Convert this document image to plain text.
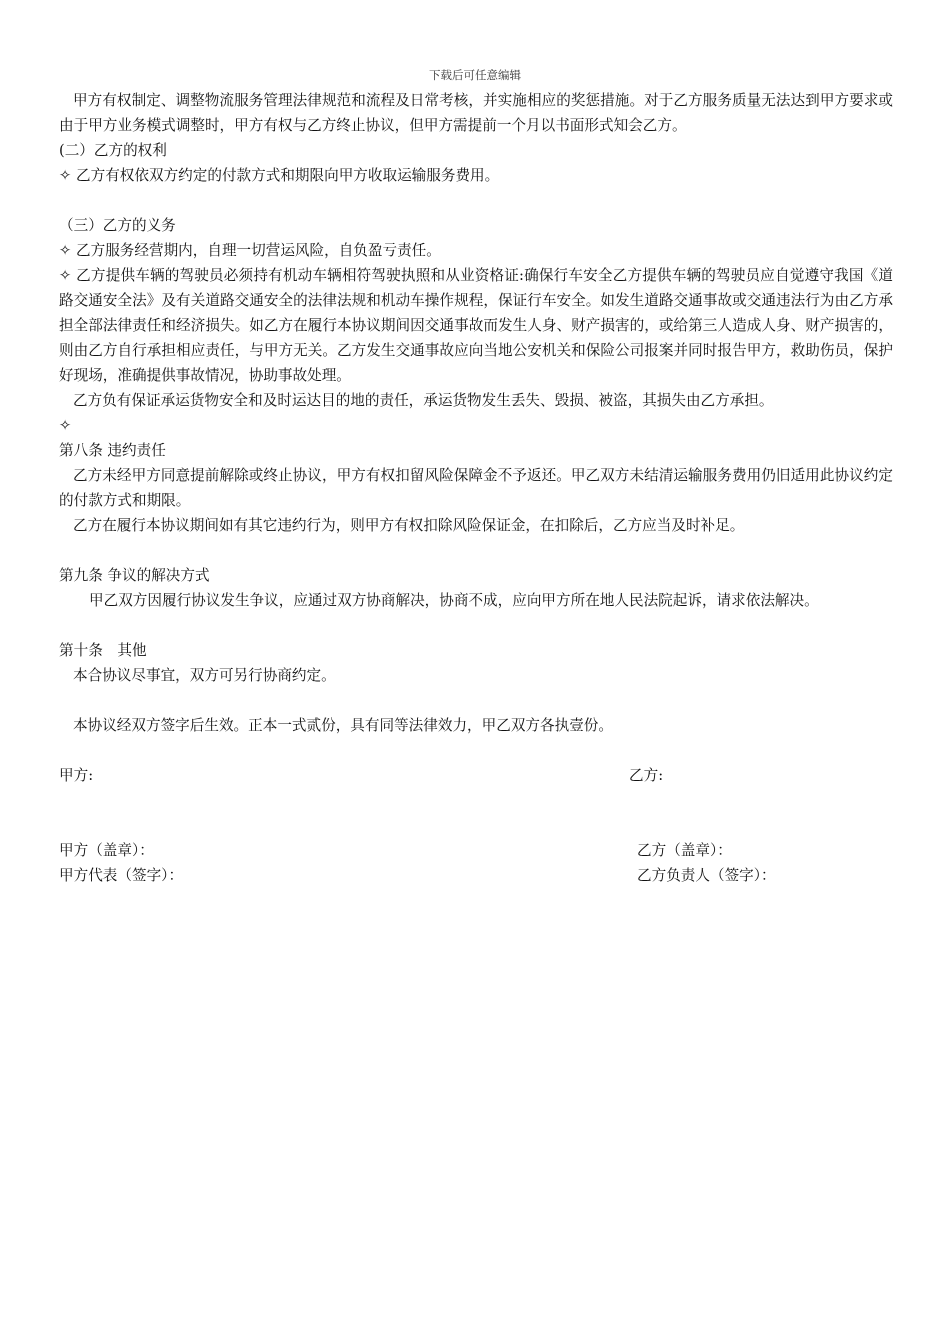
下载后可任意编辑

甲方有权制定、调整物流服务管理法律规范和流程及日常考核，并实施相应的奖惩措施。对于乙方服务质量无法达到甲方要求或由于甲方业务模式调整时，甲方有权与乙方终止协议，但甲方需提前一个月以书面形式知会乙方。

(二）乙方的权利

✧ 乙方有权依双方约定的付款方式和期限向甲方收取运输服务费用。

（三）乙方的义务

✧ 乙方服务经营期内，自理一切营运风险，自负盈亏责任。

✧ 乙方提供车辆的驾驶员必须持有机动车辆相符驾驶执照和从业资格证:确保行车安全乙方提供车辆的驾驶员应自觉遵守我国《道路交通安全法》及有关道路交通安全的法律法规和机动车操作规程，保证行车安全。如发生道路交通事故或交通违法行为由乙方承担全部法律责任和经济损失。如乙方在履行本协议期间因交通事故而发生人身、财产损害的，或给第三人造成人身、财产损害的，则由乙方自行承担相应责任，与甲方无关。乙方发生交通事故应向当地公安机关和保险公司报案并同时报告甲方，救助伤员，保护好现场，准确提供事故情况，协助事故处理。

乙方负有保证承运货物安全和及时运达目的地的责任，承运货物发生丢失、毁损、被盗，其损失由乙方承担。

✧

第八条 违约责任

乙方未经甲方同意提前解除或终止协议，甲方有权扣留风险保障金不予返还。甲乙双方未结清运输服务费用仍旧适用此协议约定的付款方式和期限。

乙方在履行本协议期间如有其它违约行为，则甲方有权扣除风险保证金，在扣除后，乙方应当及时补足。

第九条 争议的解决方式

甲乙双方因履行协议发生争议，应通过双方协商解决，协商不成，应向甲方所在地人民法院起诉，请求依法解决。

第十条　其他

本合协议尽事宜，双方可另行协商约定。

本协议经双方签字后生效。正本一式贰份，具有同等法律效力，甲乙双方各执壹份。

甲方:	乙方:
甲方（盖章）：	乙方（盖章）：
甲方代表（签字）：	乙方负责人（签字）：
